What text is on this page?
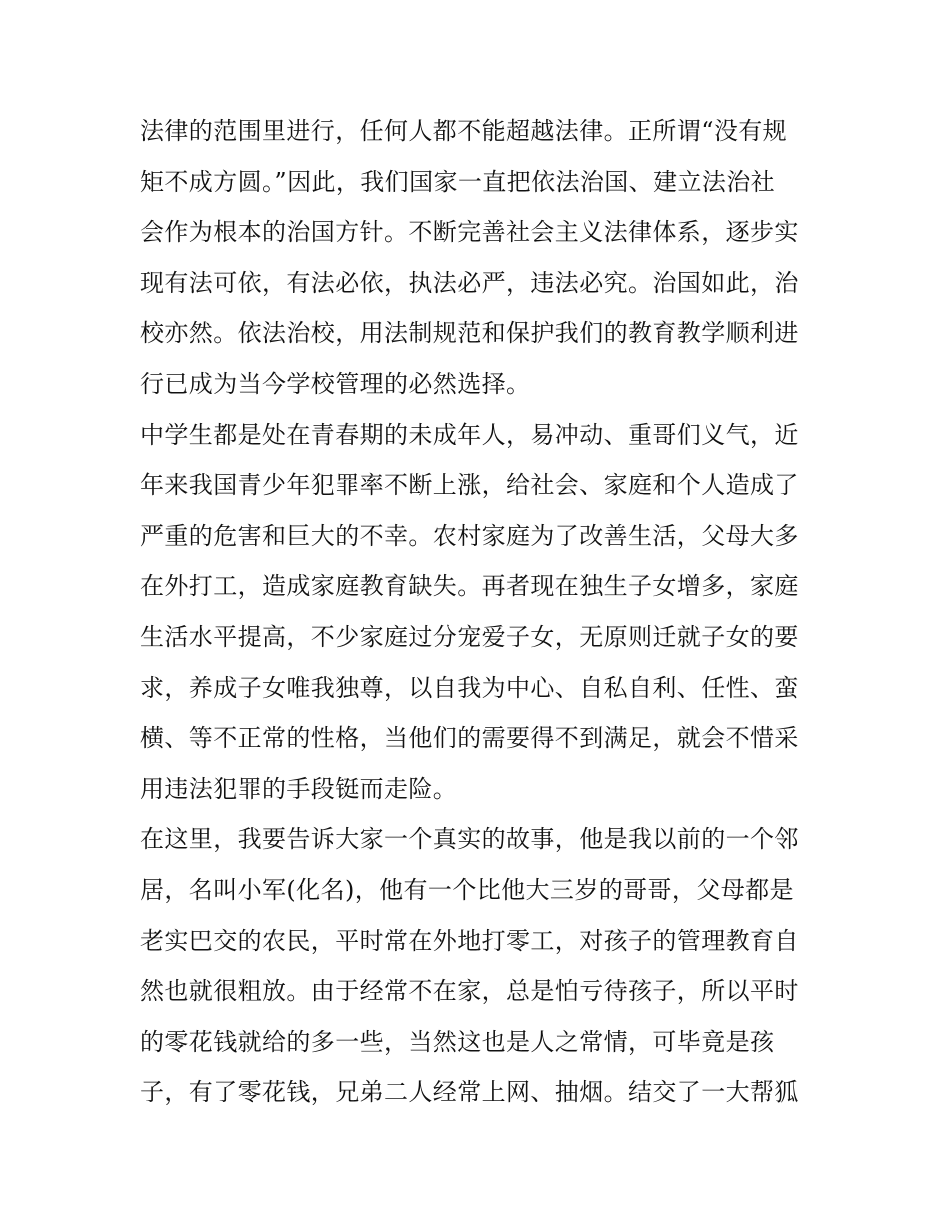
法律的范围里进行，任何人都不能超越法律。正所谓“没有规
矩不成方圆。”因此，我们国家一直把依法治国、建立法治社
会作为根本的治国方针。不断完善社会主义法律体系，逐步实
现有法可依，有法必依，执法必严，违法必究。治国如此，治
校亦然。依法治校，用法制规范和保护我们的教育教学顺利进
行已成为当今学校管理的必然选择。
中学生都是处在青春期的未成年人，易冲动、重哥们义气，近
年来我国青少年犯罪率不断上涨，给社会、家庭和个人造成了
严重的危害和巨大的不幸。农村家庭为了改善生活，父母大多
在外打工，造成家庭教育缺失。再者现在独生子女增多，家庭
生活水平提高，不少家庭过分宠爱子女，无原则迁就子女的要
求，养成子女唯我独尊，以自我为中心、自私自利、任性、蛮
横、等不正常的性格，当他们的需要得不到满足，就会不惜采
用违法犯罪的手段铤而走险。
在这里，我要告诉大家一个真实的故事，他是我以前的一个邻
居，名叫小军(化名)，他有一个比他大三岁的哥哥，父母都是
老实巴交的农民，平时常在外地打零工，对孩子的管理教育自
然也就很粗放。由于经常不在家，总是怕亏待孩子，所以平时
的零花钱就给的多一些，当然这也是人之常情，可毕竟是孩
子，有了零花钱，兄弟二人经常上网、抽烟。结交了一大帮狐
